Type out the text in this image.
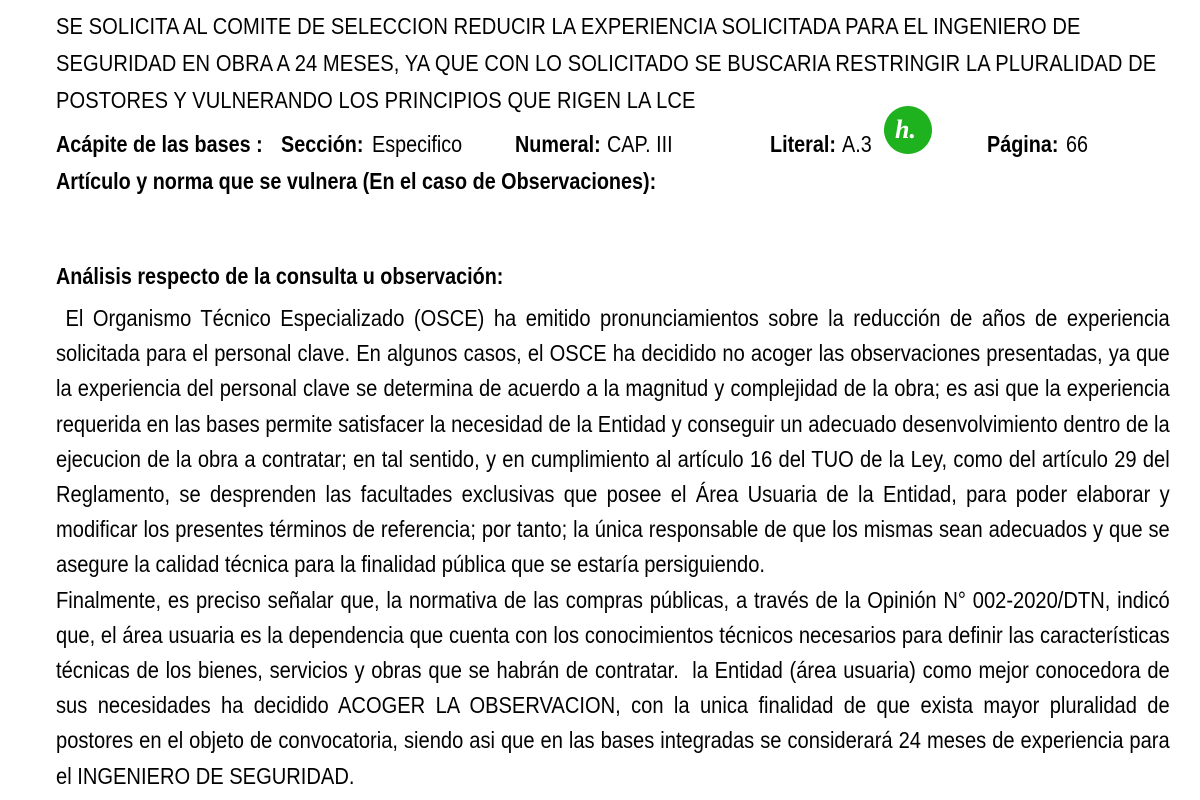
SE SOLICITA AL COMITE DE SELECCION REDUCIR LA EXPERIENCIA SOLICITADA PARA EL INGENIERO DE SEGURIDAD EN OBRA A 24 MESES, YA QUE CON LO SOLICITADO SE BUSCARIA RESTRINGIR LA PLURALIDAD DE POSTORES Y VULNERANDO LOS PRINCIPIOS QUE RIGEN LA LCE

Acápite de las bases : Sección: Especifico Numeral: CAP. III	Literal: A.3	Página: 66
h.
Artículo y norma que se vulnera (En el caso de Observaciones):
Análisis respecto de la consulta u observación:

El Organismo Técnico Especializado (OSCE) ha emitido pronunciamientos sobre la reducción de años de experiencia solicitada para el personal clave. En algunos casos, el OSCE ha decidido no acoger las observaciones presentadas, ya que la experiencia del personal clave se determina de acuerdo a la magnitud y complejidad de la obra; es asi que la experiencia requerida en las bases permite satisfacer la necesidad de la Entidad y conseguir un adecuado desenvolvimiento dentro de la ejecucion de la obra a contratar; en tal sentido, y en cumplimiento al artículo 16 del TUO de la Ley, como del artículo 29 del Reglamento, se desprenden las facultades exclusivas que posee el Área Usuaria de la Entidad, para poder elaborar y modificar los presentes términos de referencia; por tanto; la única responsable de que los mismas sean adecuados y que se asegure la calidad técnica para la finalidad pública que se estaría persiguiendo.

Finalmente, es preciso señalar que, la normativa de las compras públicas, a través de la Opinión N° 002-2020/DTN, indicó que, el área usuaria es la dependencia que cuenta con los conocimientos técnicos necesarios para definir las características técnicas de los bienes, servicios y obras que se habrán de contratar.  la Entidad (área usuaria) como mejor conocedora de sus necesidades ha decidido ACOGER LA OBSERVACION, con la unica finalidad de que exista mayor pluralidad de postores en el objeto de convocatoria, siendo asi que en las bases integradas se considerará 24 meses de experiencia para el INGENIERO DE SEGURIDAD.
